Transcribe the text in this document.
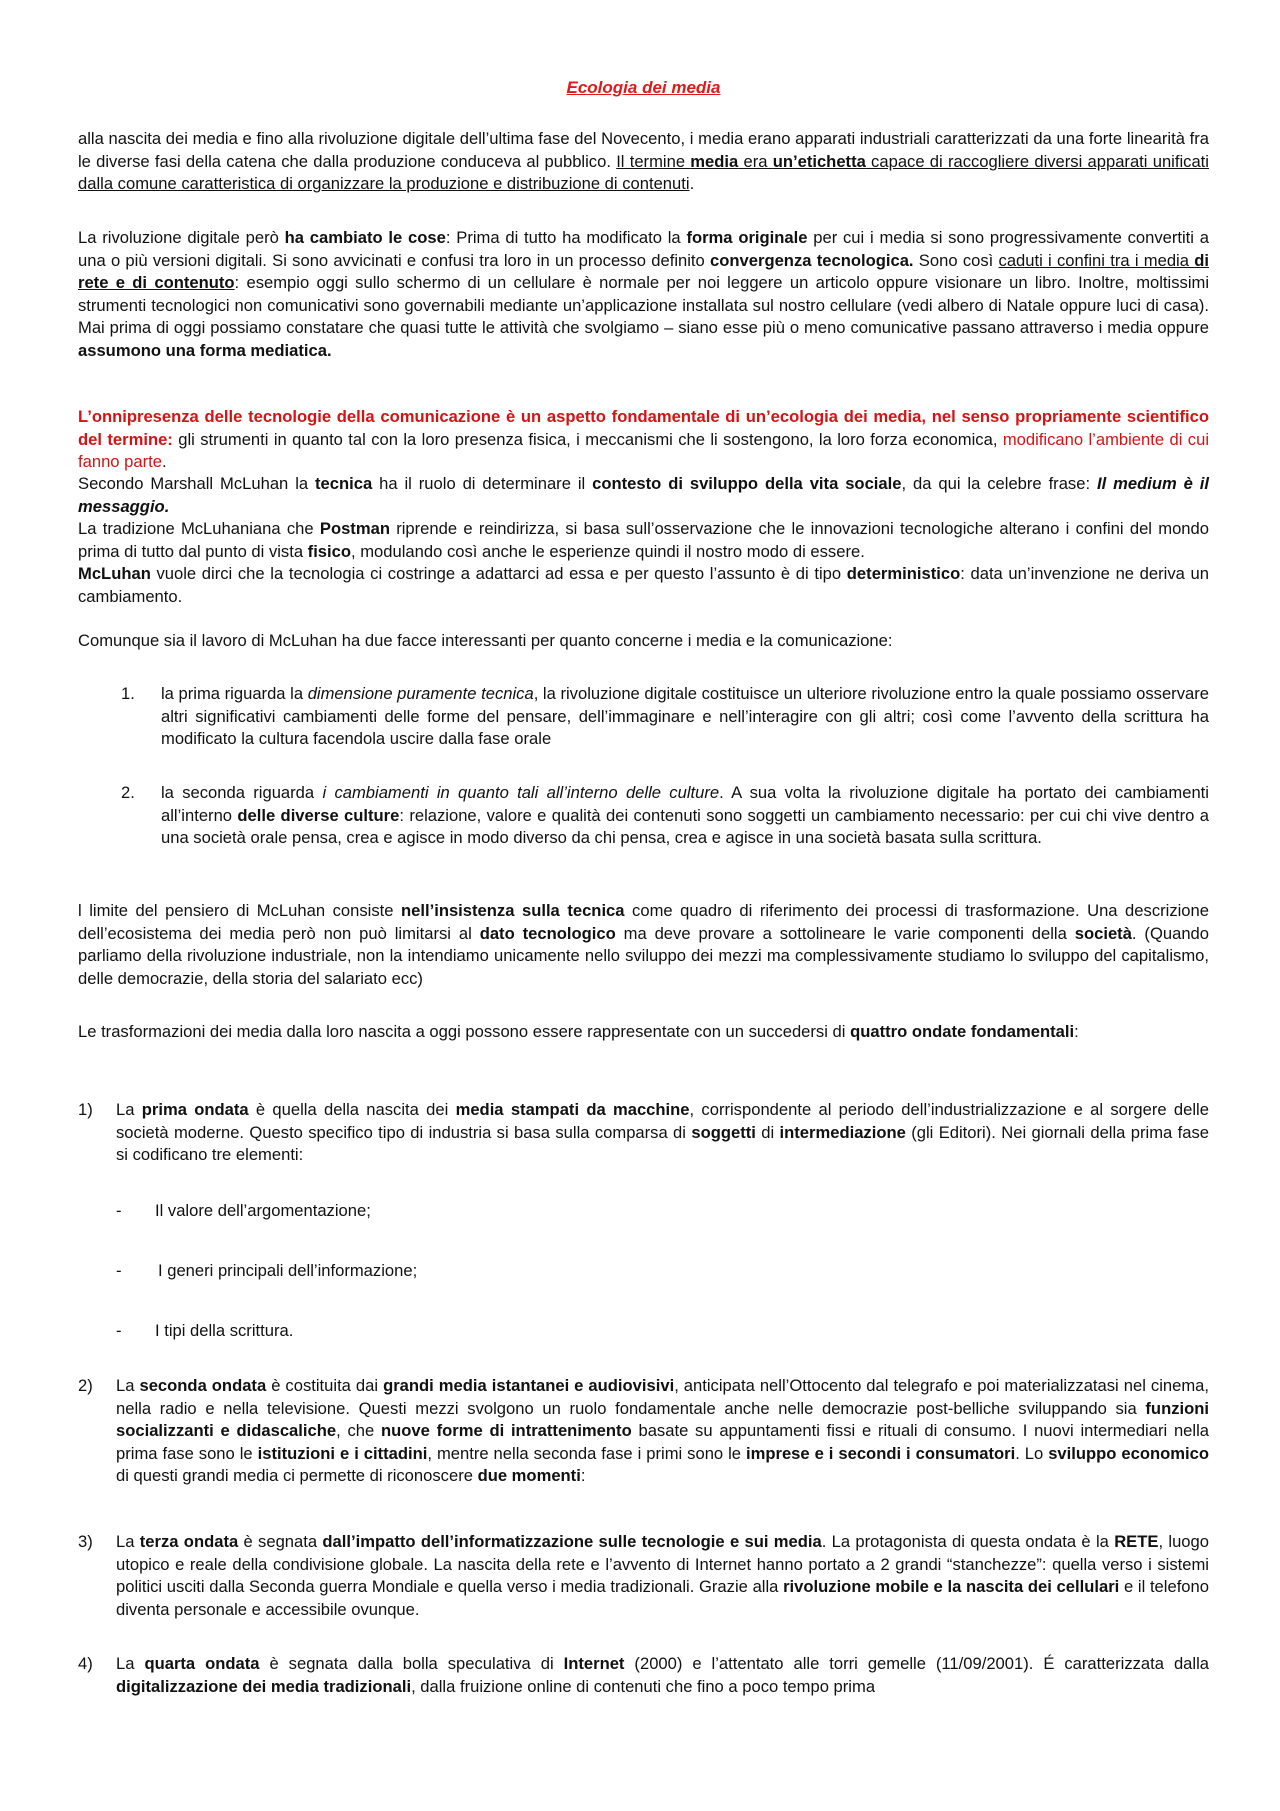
Ecologia dei media

alla nascita dei media e fino alla rivoluzione digitale dell’ultima fase del Novecento, i media erano apparati industriali caratterizzati da una forte linearità fra le diverse fasi della catena che dalla produzione conduceva al pubblico. Il termine media era un’etichetta capace di raccogliere diversi apparati unificati dalla comune caratteristica di organizzare la produzione e distribuzione di contenuti.

La rivoluzione digitale però ha cambiato le cose: Prima di tutto ha modificato la forma originale per cui i media si sono progressivamente convertiti a una o più versioni digitali. Si sono avvicinati e confusi tra loro in un processo definito convergenza tecnologica. Sono così caduti i confini tra i media di rete e di contenuto: esempio oggi sullo schermo di un cellulare è normale per noi leggere un articolo oppure visionare un libro. Inoltre, moltissimi strumenti tecnologici non comunicativi sono governabili mediante un’applicazione installata sul nostro cellulare (vedi albero di Natale oppure luci di casa). Mai prima di oggi possiamo constatare che quasi tutte le attività che svolgiamo – siano esse più o meno comunicative passano attraverso i media oppure assumono una forma mediatica.

L’onnipresenza delle tecnologie della comunicazione è un aspetto fondamentale di un’ecologia dei media, nel senso propriamente scientifico del termine: gli strumenti in quanto tal con la loro presenza fisica, i meccanismi che li sostengono, la loro forza economica, modificano l’ambiente di cui fanno parte.

Secondo Marshall McLuhan la tecnica ha il ruolo di determinare il contesto di sviluppo della vita sociale, da qui la celebre frase: Il medium è il messaggio.

La tradizione McLuhaniana che Postman riprende e reindirizza, si basa sull’osservazione che le innovazioni tecnologiche alterano i confini del mondo prima di tutto dal punto di vista fisico, modulando così anche le esperienze quindi il nostro modo di essere.

McLuhan vuole dirci che la tecnologia ci costringe a adattarci ad essa e per questo l’assunto è di tipo deterministico: data un’invenzione ne deriva un cambiamento.

Comunque sia il lavoro di McLuhan ha due facce interessanti per quanto concerne i media e la comunicazione:

1. la prima riguarda la dimensione puramente tecnica, la rivoluzione digitale costituisce un ulteriore rivoluzione entro la quale possiamo osservare altri significativi cambiamenti delle forme del pensare, dell’immaginare e nell’interagire con gli altri; così come l’avvento della scrittura ha modificato la cultura facendola uscire dalla fase orale

2. la seconda riguarda i cambiamenti in quanto tali all’interno delle culture. A sua volta la rivoluzione digitale ha portato dei cambiamenti all’interno delle diverse culture: relazione, valore e qualità dei contenuti sono soggetti un cambiamento necessario: per cui chi vive dentro a una società orale pensa, crea e agisce in modo diverso da chi pensa, crea e agisce in una società basata sulla scrittura.

l limite del pensiero di McLuhan consiste nell’insistenza sulla tecnica come quadro di riferimento dei processi di trasformazione. Una descrizione dell’ecosistema dei media però non può limitarsi al dato tecnologico ma deve provare a sottolineare le varie componenti della società. (Quando parliamo della rivoluzione industriale, non la intendiamo unicamente nello sviluppo dei mezzi ma complessivamente studiamo lo sviluppo del capitalismo, delle democrazie, della storia del salariato ecc)

Le trasformazioni dei media dalla loro nascita a oggi possono essere rappresentate con un succedersi di quattro ondate fondamentali:

1) La prima ondata è quella della nascita dei media stampati da macchine, corrispondente al periodo dell’industrializzazione e al sorgere delle società moderne. Questo specifico tipo di industria si basa sulla comparsa di soggetti di intermediazione (gli Editori). Nei giornali della prima fase si codificano tre elementi:

- Il valore dell’argomentazione;
- I generi principali dell’informazione;
- I tipi della scrittura.
2) La seconda ondata è costituita dai grandi media istantanei e audiovisivi, anticipata nell’Ottocento dal telegrafo e poi materializzatasi nel cinema, nella radio e nella televisione. Questi mezzi svolgono un ruolo fondamentale anche nelle democrazie post-belliche sviluppando sia funzioni socializzanti e didascaliche, che nuove forme di intrattenimento basate su appuntamenti fissi e rituali di consumo. I nuovi intermediari nella prima fase sono le istituzioni e i cittadini, mentre nella seconda fase i primi sono le imprese e i secondi i consumatori. Lo sviluppo economico di questi grandi media ci permette di riconoscere due momenti:

3) La terza ondata è segnata dall’impatto dell’informatizzazione sulle tecnologie e sui media. La protagonista di questa ondata è la RETE, luogo utopico e reale della condivisione globale. La nascita della rete e l’avvento di Internet hanno portato a 2 grandi “stanchezze”: quella verso i sistemi politici usciti dalla Seconda guerra Mondiale e quella verso i media tradizionali. Grazie alla rivoluzione mobile e la nascita dei cellulari e il telefono diventa personale e accessibile ovunque.

4) La quarta ondata è segnata dalla bolla speculativa di Internet (2000) e l’attentato alle torri gemelle (11/09/2001). É caratterizzata dalla digitalizzazione dei media tradizionali, dalla fruizione online di contenuti che fino a poco tempo prima
